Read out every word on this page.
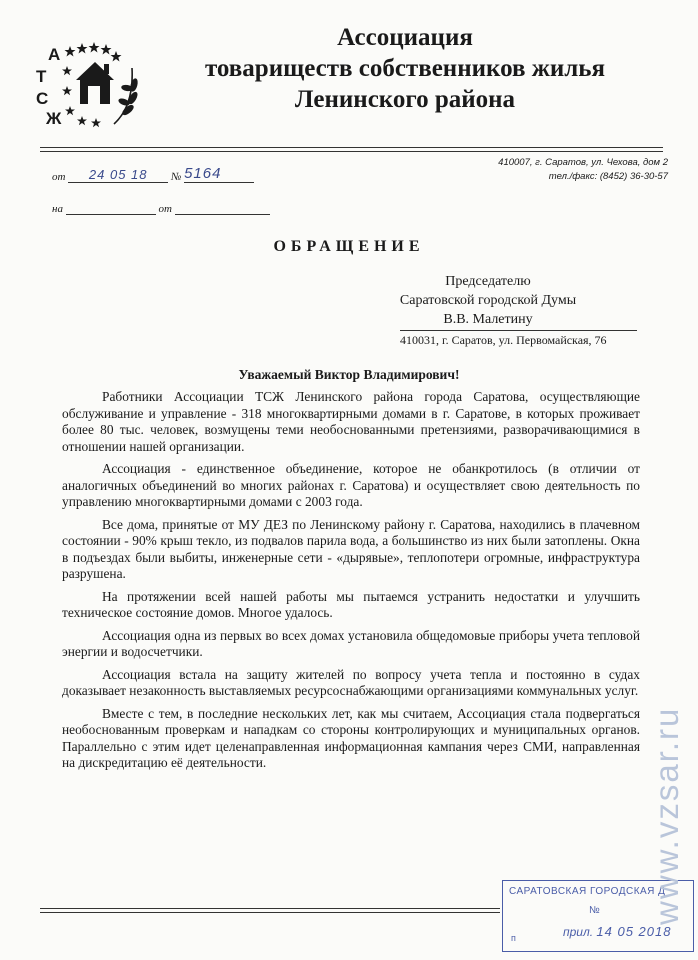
А
Т
С
Ж
Ассоциация
товариществ собственников жилья
Ленинского района
от 24 05 18 № 5164
на	от
410007, г. Саратов, ул. Чехова, дом 2
тел./факс: (8452) 36-30-57
ОБРАЩЕНИЕ
Председателю
Саратовской городской Думы
В.В. Малетину
410031, г. Саратов, ул. Первомайская, 76
Уважаемый Виктор Владимирович!

Работники Ассоциации ТСЖ Ленинского района города Саратова, осуществляющие обслуживание и управление - 318 многоквартирными домами в г. Саратове, в которых проживает более 80 тыс. человек, возмущены теми необоснованными претензиями, разворачивающимися в отношении нашей организации.

Ассоциация - единственное объединение, которое не обанкротилось (в отличии от аналогичных объединений во многих районах г. Саратова) и осуществляет свою деятельность по управлению многоквартирными домами с 2003 года.

Все дома, принятые от МУ ДЕЗ по Ленинскому району г. Саратова, находились в плачевном состоянии - 90% крыш текло, из подвалов парила вода, а большинство из них были затоплены. Окна в подъездах были выбиты, инженерные сети - «дырявые», теплопотери огромные, инфраструктура разрушена.

На протяжении всей нашей работы мы пытаемся устранить недостатки и улучшить техническое состояние домов. Многое удалось.

Ассоциация одна из первых во всех домах установила общедомовые приборы учета тепловой энергии и водосчетчики.

Ассоциация встала на защиту жителей по вопросу учета тепла и постоянно в судах доказывает незаконность выставляемых ресурсоснабжающими организациями коммунальных услуг.

Вместе с тем, в последние нескольких лет, как мы считаем, Ассоциация стала подвергаться необоснованным проверкам и нападкам со стороны контролирующих и муниципальных органов. Параллельно с этим идет целенаправленная информационная кампания через СМИ, направленная на дискредитацию её деятельности.

САРАТОВСКАЯ ГОРОДСКАЯ Д
№
п	прил. 14 05 2018
www.vzsar.ru
